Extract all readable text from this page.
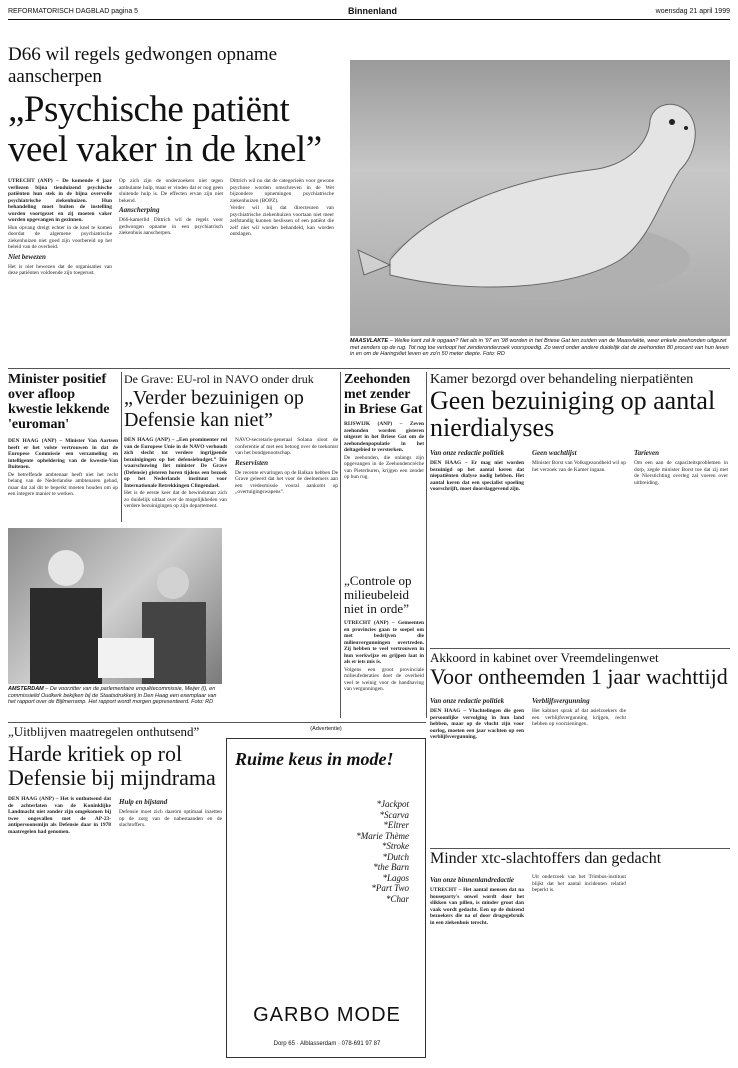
REFORMATORISCH DAGBLAD pagina 5	Binnenland	woensdag 21 april 1999
D66 wil regels gedwongen opname aanscherpen
„Psychische patiënt veel vaker in de knel”

UTRECHT (ANP) – De komende 4 jaar verliezen bijna tienduizend psychische patiënten hun stek in de bijna overvolle psychiatrische ziekenhuizen. Hun behandeling moet buiten de instelling worden voortgezet en zij moeten vaker worden opgevangen in gezinnen.

Hun opvang dreigt echter in de knel te komen doordat de algemene psychiatrische ziekenhuizen niet goed zijn voorbereid op het beleid van de overheid.

Niet bewezen

Het is niet bewezen dat de organisaties van deze patiënten voldoende zijn toegerust.

Op zich zijn de onderzoekers niet tegen ambulante hulp, maar er vinden dat er nog geen sluitende hulp is. De effecten ervan zijn niet bekend.

Aanscherping

D66-kamerlid Dittrich wil de regels voor gedwongen opname in een psychiatrisch ziekenhuis aanscherpen.

Dittrich wil nu dat de categorieën voor gewone psychose worden omschreven in de Wet bijzondere opnemingen psychiatrische ziekenhuizen (BOPZ).

Verder wil hij dat directeuren van psychiatrische ziekenhuizen voortaan niet meer zelfstandig kunnen beslissen of een patiënt die zelf niet wil worden behandeld, kan worden ontslagen.

MAASVLAKTE – Welke kant zal ik opgaan? Net als in '97 en '98 worden in het Briese Gat ten zuiden van de Maasvlakte, weer enkele zeehonden uitgezet met zenders op de rug. Tot nog toe verloopt het zenderonderzoek voorspoedig. Zo werd onder andere duidelijk dat de zeehonden 80 procent van hun leven in en om de Haringvliet leven en zo'n 50 meter diepte. Foto: RD
Minister positief over afloop kwestie lekkende 'euroman'

DEN HAAG (ANP) – Minister Van Aartsen heeft er het volste vertrouwen in dat de Europese Commissie een verzameling en intelligente opheldering van de kwestie-Van Buitenen.

De betreffende ambtenaar heeft niet het recht belang van de Nederlandse ambtenaren gehad, maar dat zal dit te beperkt moeten houden om op een integere manier te werken.

De Grave: EU-rol in NAVO onder druk
„Verder bezuinigen op Defensie kan niet”

DEN HAAG (ANP) – „Een prominenter rol van de Europese Unie in de NAVO verhoudt zich slecht tot verdere ingrijpende bezuinigingen op het defensiebudget.” Die waarschuwing liet minister De Grave (Defensie) gisteren horen tijdens een bezoek op het Nederlands instituut voor Internationale Betrekkingen Clingendael.

Het is de eerste keer dat de bewindsman zich zo duidelijk uitlaat over de mogelijkheden van verdere bezuinigingen op zijn departement.

NAVO-secretaris-generaal Solana sloot de conferentie af met een betoog over de toekomst van het bondgenootschap.

Reservisten

De recente ervaringen op de Balkan hebben De Grave geleerd dat het voor de deelnemers aan een vredesmissie vooral aankomt op „overtuigingswapens”.

AMSTERDAM – De voorzitter van de parlementaire enquêtecommissie, Meijer (l), en commissielid Oudkerk bekijken bij de Staatsdrukkerij in Den Haag een exemplaar van het rapport over de Bijlmerramp. Het rapport wordt morgen gepresenteerd. Foto: RD
Zeehonden met zender in Briese Gat

RIJSWIJK (ANP) – Zeven zeehonden worden gisteren uitgezet in het Briese Gat om de zeehondenpopulatie in het deltagebied te versterken.

De zeehonden, die onlangs zijn opgevangen in de Zeehondencrèche van Pieterburen, krijgen een zender op hun rug.

„Controle op milieubeleid niet in orde”

UTRECHT (ANP) – Gemeenten en provincies gaan te soepel om met bedrijven die milieuvergunningen overtreden. Zij hebben te veel vertrouwen in hun werkwijze en grijpen laat in als er iets mis is.

Volgens een groot provinciale milieufederaties doet de overheid veel te weinig voor de handhaving van vergunningen.

Kamer bezorgd over behandeling nierpatiënten
Geen bezuiniging op aantal nierdialyses
Van onze redactie politiek

DEN HAAG – Er mag niet worden bezuinigd op het aantal keren dat niepatiënten dialyse nodig hebben. Het aantal keren dat een specialist spoeling voorschrijft, moet doorslaggevend zijn.

Geen wachtlijst

Minister Borst van Volksgezondheid wil op het verzoek van de Kamer ingaan.

Tarieven

Om een aan de capaciteitsproblemen in dorp, zegde minister Borst toe dat zij met de Nierstichting overleg zal voeren over uitbreiding.

Akkoord in kabinet over Vreemdelingenwet
Voor ontheemden 1 jaar wachttijd
Van onze redactie politiek

DEN HAAG – Vluchtelingen die geen persoonlijke vervolging in hun land hebben, maar op de vlucht zijn voor oorlog, moeten een jaar wachten op een verblijfsvergunning.

Verblijfsvergunning

Het kabinet sprak af dat asielzoekers die een verblijfsvergunning krijgen, recht hebben op voorzieningen.

„Uitblijven maatregelen onthutsend”
Harde kritiek op rol Defensie bij mijndrama

DEN HAAG (ANP) – Het is onthutsend dat de achterlaten van de Koninklijke Landmacht niet zonder zijn omgekomen bij twee ongevallen met de AP-23-antipersoonsmijn als Defensie daar in 1978 maatregelen had genomen.

Hulp en bijstand

Defensie moet zich daarom optimaal inzetten op de zorg van de nabestaanden en de slachtoffers.

(Advertentie)
Ruime keus in mode!
*Jackpot
*Scarva
*Eltrer
*Marie Thème
*Stroke
*Dutch
*the Barn
*Lagos
*Part Two
*Char
GARBO MODE
Dorp 65 · Alblasserdam · 078-691 97 87
Minder xtc-slachtoffers dan gedacht
Van onze binnenlandredactie

UTRECHT – Het aantal mensen dat na houseparty's onwel wordt door het slikken van pillen, is minder groot dan vaak wordt gedacht. Een op de duizend bezoekers die na of door drugsgebruik in een ziekenhuis terecht.

Uit onderzoek van het Trimbos-instituut blijkt dat het aantal incidenten relatief beperkt is.
